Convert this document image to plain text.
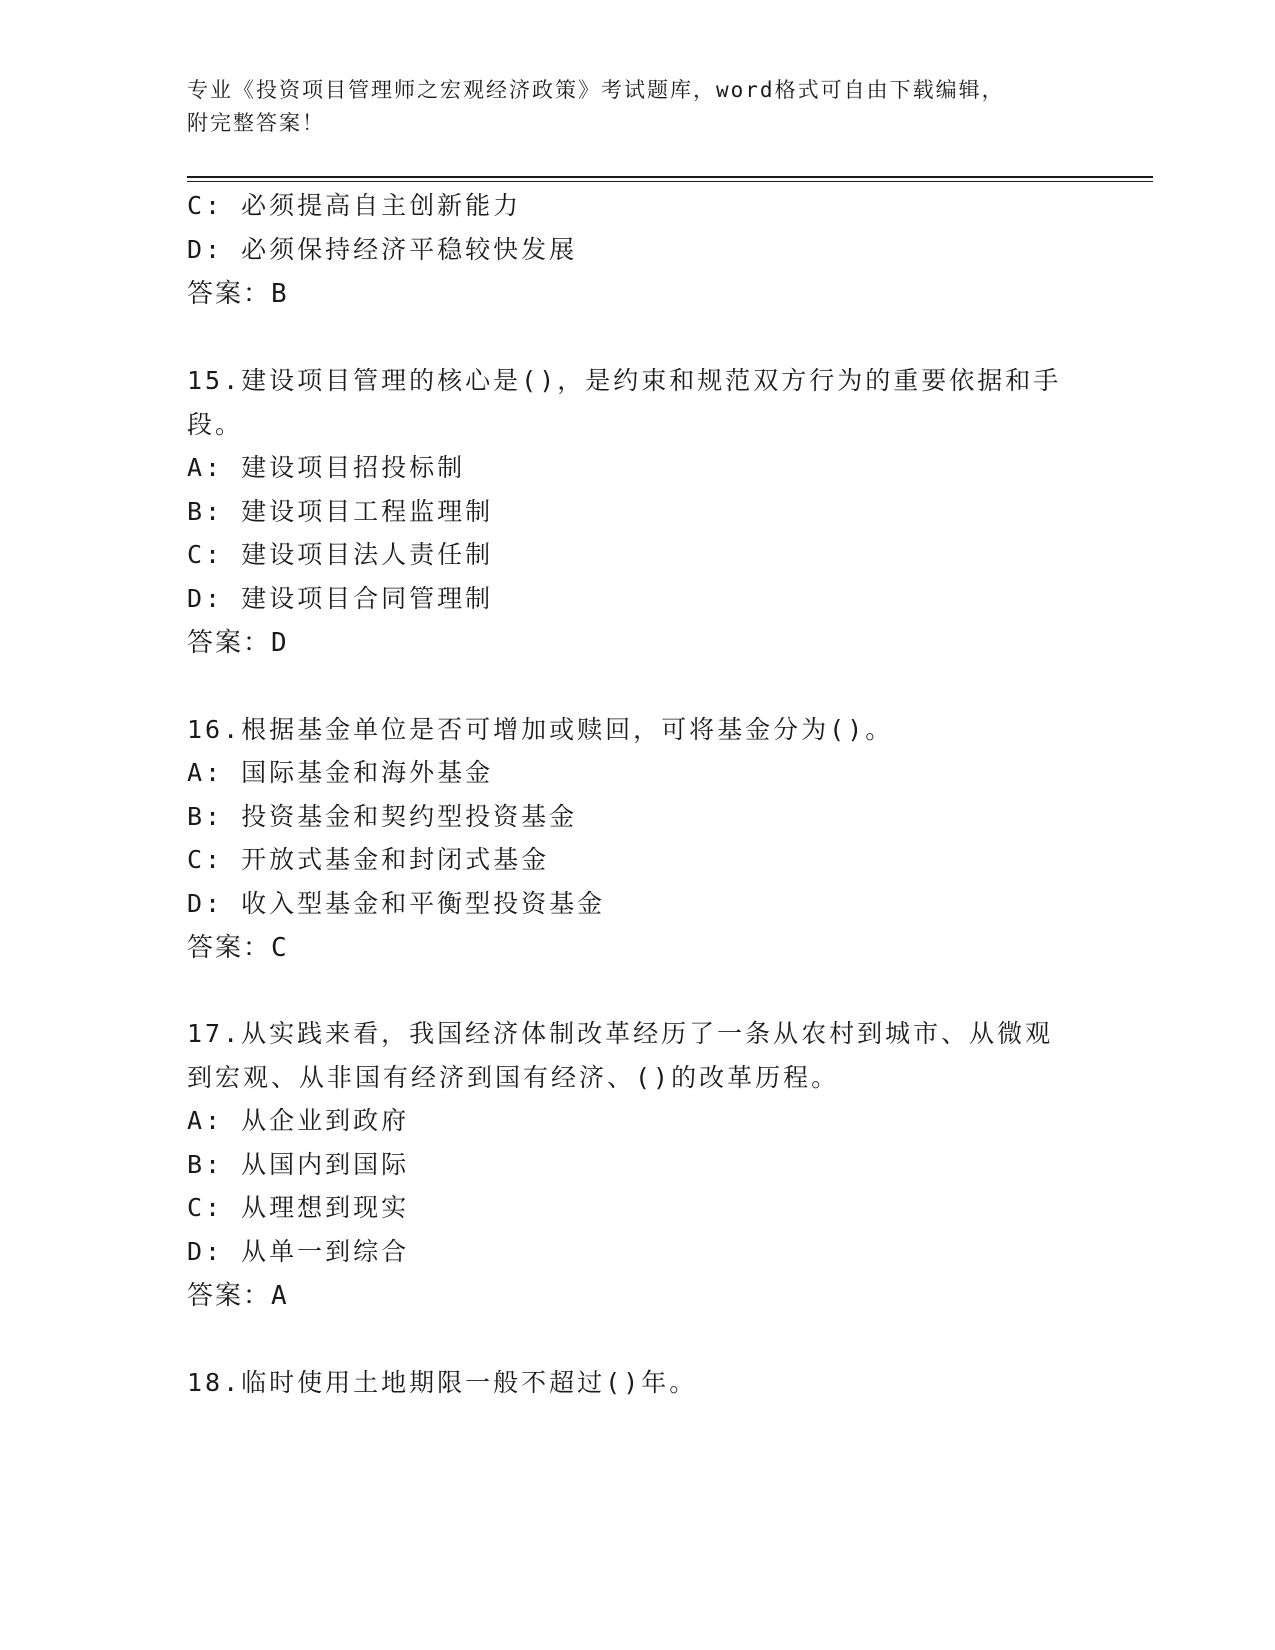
专业《投资项目管理师之宏观经济政策》考试题库，word格式可自由下载编辑，
附完整答案！
C: 必须提高自主创新能力
D: 必须保持经济平稳较快发展
答案：B
15.建设项目管理的核心是()，是约束和规范双方行为的重要依据和手
段。
A: 建设项目招投标制
B: 建设项目工程监理制
C: 建设项目法人责任制
D: 建设项目合同管理制
答案：D
16.根据基金单位是否可增加或赎回，可将基金分为()。
A: 国际基金和海外基金
B: 投资基金和契约型投资基金
C: 开放式基金和封闭式基金
D: 收入型基金和平衡型投资基金
答案：C
17.从实践来看，我国经济体制改革经历了一条从农村到城市、从微观
到宏观、从非国有经济到国有经济、()的改革历程。
A: 从企业到政府
B: 从国内到国际
C: 从理想到现实
D: 从单一到综合
答案：A
18.临时使用土地期限一般不超过()年。
